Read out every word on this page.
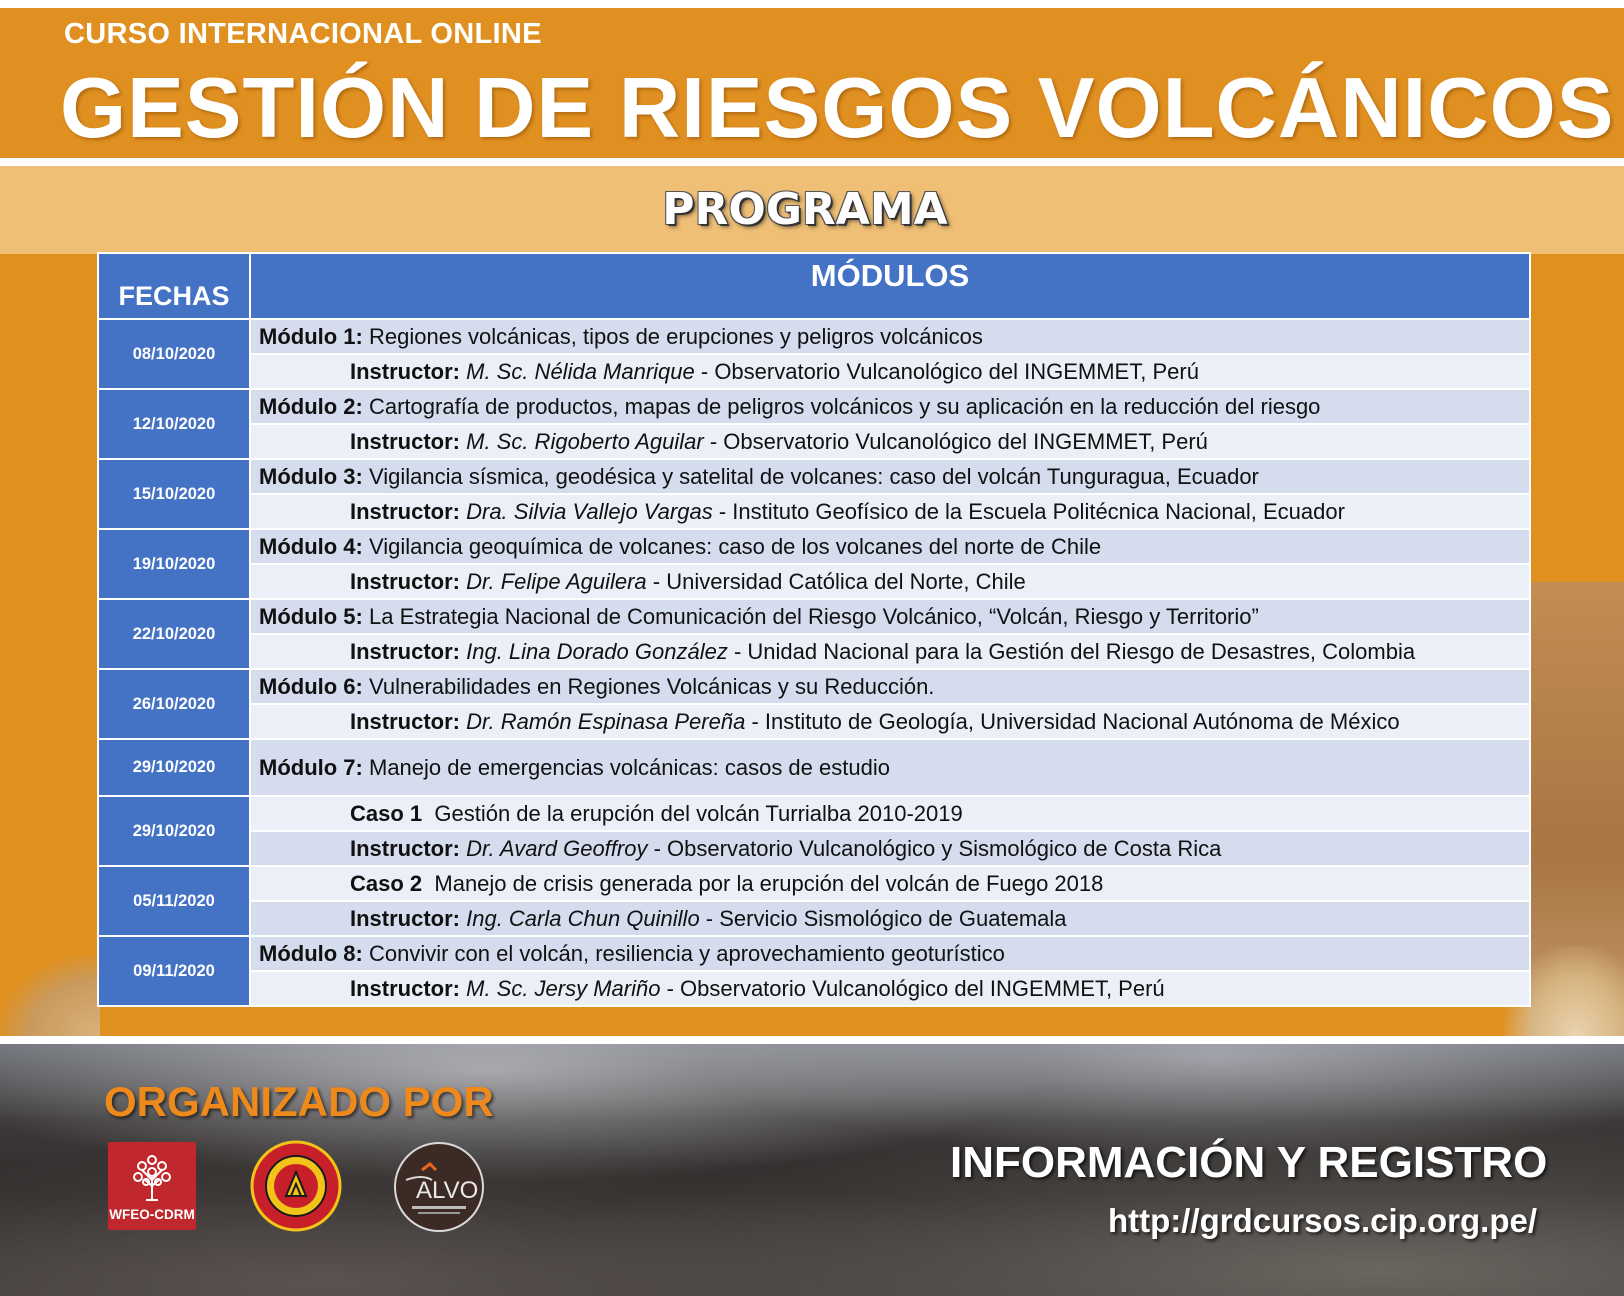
CURSO INTERNACIONAL ONLINE
GESTIÓN DE RIESGOS VOLCÁNICOS
PROGRAMA
FECHAS	MÓDULOS
08/10/2020	Módulo 1: Regiones volcánicas, tipos de erupciones y peligros volcánicos
	Instructor: M. Sc. Nélida Manrique - Observatorio Vulcanológico del INGEMMET, Perú
12/10/2020	Módulo 2: Cartografía de productos, mapas de peligros volcánicos y su aplicación en la reducción del riesgo
	Instructor: M. Sc. Rigoberto Aguilar - Observatorio Vulcanológico del INGEMMET, Perú
15/10/2020	Módulo 3: Vigilancia sísmica, geodésica y satelital de volcanes: caso del volcán Tunguragua, Ecuador
	Instructor: Dra. Silvia Vallejo Vargas - Instituto Geofísico de la Escuela Politécnica Nacional, Ecuador
19/10/2020	Módulo 4: Vigilancia geoquímica de volcanes: caso de los volcanes del norte de Chile
	Instructor: Dr. Felipe Aguilera - Universidad Católica del Norte, Chile
22/10/2020	Módulo 5: La Estrategia Nacional de Comunicación del Riesgo Volcánico, “Volcán, Riesgo y Territorio”
	Instructor: Ing. Lina Dorado González - Unidad Nacional para la Gestión del Riesgo de Desastres, Colombia
26/10/2020	Módulo 6: Vulnerabilidades en Regiones Volcánicas y su Reducción.
	Instructor: Dr. Ramón Espinasa Pereña - Instituto de Geología, Universidad Nacional Autónoma de México
29/10/2020	Módulo 7: Manejo de emergencias volcánicas: casos de estudio
29/10/2020	Caso 1  Gestión de la erupción del volcán Turrialba 2010-2019
	Instructor: Dr. Avard Geoffroy - Observatorio Vulcanológico y Sismológico de Costa Rica
05/11/2020	Caso 2  Manejo de crisis generada por la erupción del volcán de Fuego 2018
	Instructor: Ing. Carla Chun Quinillo - Servicio Sismológico de Guatemala
09/11/2020	Módulo 8: Convivir con el volcán, resiliencia y aprovechamiento geoturístico
	Instructor: M. Sc. Jersy Mariño - Observatorio Vulcanológico del INGEMMET, Perú
ORGANIZADO POR
WFEO-CDRM
ALVO
INFORMACIÓN Y REGISTRO
http://grdcursos.cip.org.pe/
